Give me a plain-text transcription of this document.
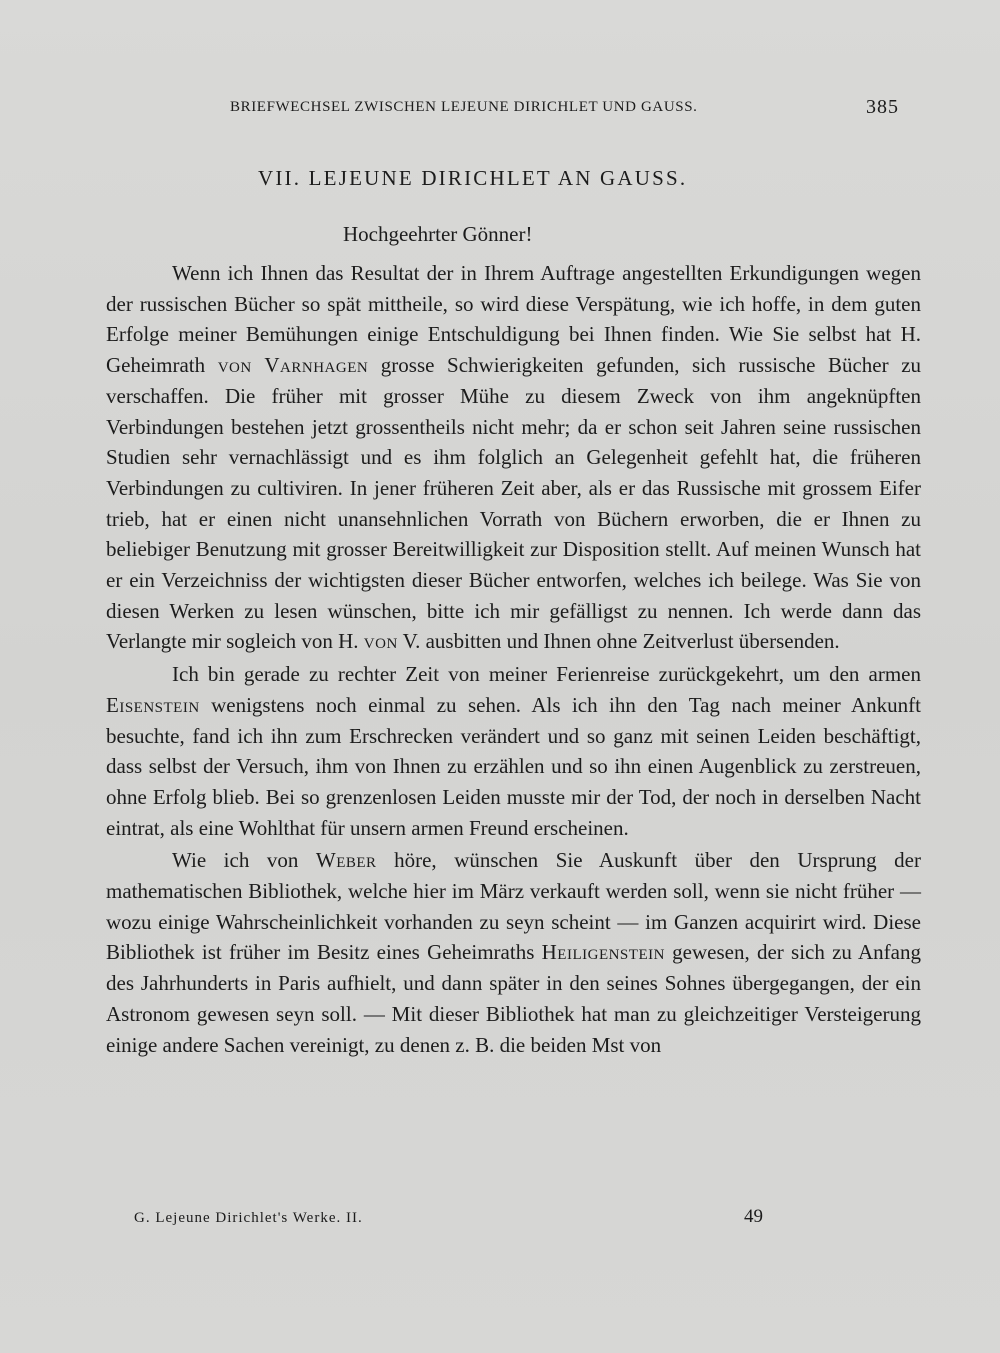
BRIEFWECHSEL ZWISCHEN LEJEUNE DIRICHLET UND GAUSS.	385
VII. LEJEUNE DIRICHLET AN GAUSS.
Hochgeehrter Gönner!

Wenn ich Ihnen das Resultat der in Ihrem Auftrage angestellten Erkundigungen wegen der russischen Bücher so spät mittheile, so wird diese Verspätung, wie ich hoffe, in dem guten Erfolge meiner Bemühungen einige Entschuldigung bei Ihnen finden. Wie Sie selbst hat H. Geheimrath von Varnhagen grosse Schwierigkeiten gefunden, sich russische Bücher zu verschaffen. Die früher mit grosser Mühe zu diesem Zweck von ihm angeknüpften Verbindungen bestehen jetzt grossentheils nicht mehr; da er schon seit Jahren seine russischen Studien sehr vernachlässigt und es ihm folglich an Gelegenheit gefehlt hat, die früheren Verbindungen zu cultiviren. In jener früheren Zeit aber, als er das Russische mit grossem Eifer trieb, hat er einen nicht unansehnlichen Vorrath von Büchern erworben, die er Ihnen zu beliebiger Benutzung mit grosser Bereitwilligkeit zur Disposition stellt. Auf meinen Wunsch hat er ein Verzeichniss der wichtigsten dieser Bücher entworfen, welches ich beilege. Was Sie von diesen Werken zu lesen wünschen, bitte ich mir gefälligst zu nennen. Ich werde dann das Verlangte mir sogleich von H. von V. ausbitten und Ihnen ohne Zeitverlust übersenden.

Ich bin gerade zu rechter Zeit von meiner Ferienreise zurückgekehrt, um den armen Eisenstein wenigstens noch einmal zu sehen. Als ich ihn den Tag nach meiner Ankunft besuchte, fand ich ihn zum Erschrecken verändert und so ganz mit seinen Leiden beschäftigt, dass selbst der Versuch, ihm von Ihnen zu erzählen und so ihn einen Augenblick zu zerstreuen, ohne Erfolg blieb. Bei so grenzenlosen Leiden musste mir der Tod, der noch in derselben Nacht eintrat, als eine Wohlthat für unsern armen Freund erscheinen.

Wie ich von Weber höre, wünschen Sie Auskunft über den Ursprung der mathematischen Bibliothek, welche hier im März verkauft werden soll, wenn sie nicht früher — wozu einige Wahrscheinlichkeit vorhanden zu seyn scheint — im Ganzen acquirirt wird. Diese Bibliothek ist früher im Besitz eines Geheimraths Heiligenstein gewesen, der sich zu Anfang des Jahrhunderts in Paris aufhielt, und dann später in den seines Sohnes übergegangen, der ein Astronom gewesen seyn soll. — Mit dieser Bibliothek hat man zu gleichzeitiger Versteigerung einige andere Sachen vereinigt, zu denen z. B. die beiden Mst von

G. Lejeune Dirichlet's Werke. II.	49
